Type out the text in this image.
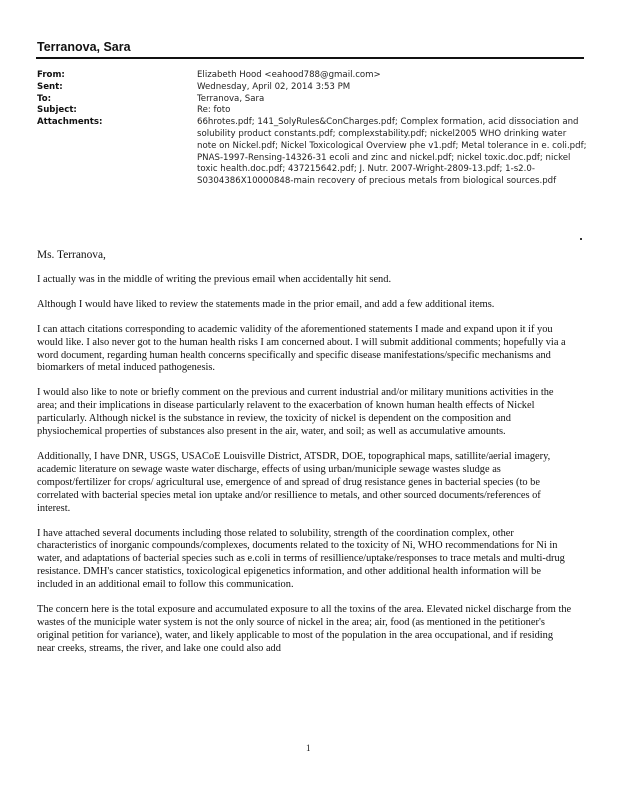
Terranova, Sara
From:	Elizabeth Hood <eahood788@gmail.com>
Sent:	Wednesday, April 02, 2014 3:53 PM
To:	Terranova, Sara
Subject:	Re: foto
Attachments:	66hrotes.pdf; 141_SolyRules&ConCharges.pdf; Complex formation, acid dissociation and solubility product constants.pdf; complexstability.pdf; nickel2005 WHO drinking water note on Nickel.pdf; Nickel Toxicological Overview phe v1.pdf; Metal tolerance in e. coli.pdf; PNAS-1997-Rensing-14326-31 ecoli and zinc and nickel.pdf; nickel toxic.doc.pdf; nickel toxic health.doc.pdf; 437215642.pdf; J. Nutr. 2007-Wright-2809-13.pdf; 1-s2.0-S0304386X10000848-main recovery of precious metals from biological sources.pdf

Ms. Terranova,

I actually was in the middle of writing the previous email when accidentally hit send.

Although I would have liked to review the statements made in the prior email, and add a few additional items.

I can attach citations corresponding to academic validity of the aforementioned statements I made and expand upon it if you would like. I also never got to the human health risks I am concerned about. I will submit additional comments; hopefully via a word document, regarding human health concerns specifically and specific disease manifestations/specific mechanisms and biomarkers of metal induced pathogenesis.

I would also like to note or briefly comment on the previous and current industrial and/or military munitions activities in the area; and their implications in disease particularly relavent to the exacerbation of known human health effects of Nickel particularly. Although nickel is the substance in review, the toxicity of nickel is dependent on the composition and physiochemical properties of substances also present in the air, water, and soil; as well as accumulative amounts.

Additionally, I have DNR, USGS, USACoE Louisville District, ATSDR, DOE, topographical maps, satillite/aerial imagery, academic literature on sewage waste water discharge, effects of using urban/municiple sewage wastes sludge as compost/fertilizer for crops/ agricultural use, emergence of and spread of drug resistance genes in bacterial species (to be correlated with bacterial species metal ion uptake and/or resillience to metals, and other sourced documents/references of interest.

I have attached several documents including those related to solubility, strength of the coordination complex, other characteristics of inorganic compounds/complexes, documents related to the toxicity of Ni, WHO recommendations for Ni in water, and adaptations of bacterial species such as e.coli in terms of resillience/uptake/responses to trace metals and multi-drug resistance. DMH's cancer statistics, toxicological epigenetics information, and other additional health information will be included in an additional email to follow this communication.

The concern here is the total exposure and accumulated exposure to all the toxins of the area. Elevated nickel discharge from the wastes of the municiple water system is not the only source of nickel in the area; air, food (as mentioned in the petitioner's original petition for variance), water, and likely applicable to most of the population in the area occupational, and if residing near creeks, streams, the river, and lake one could also add

1
